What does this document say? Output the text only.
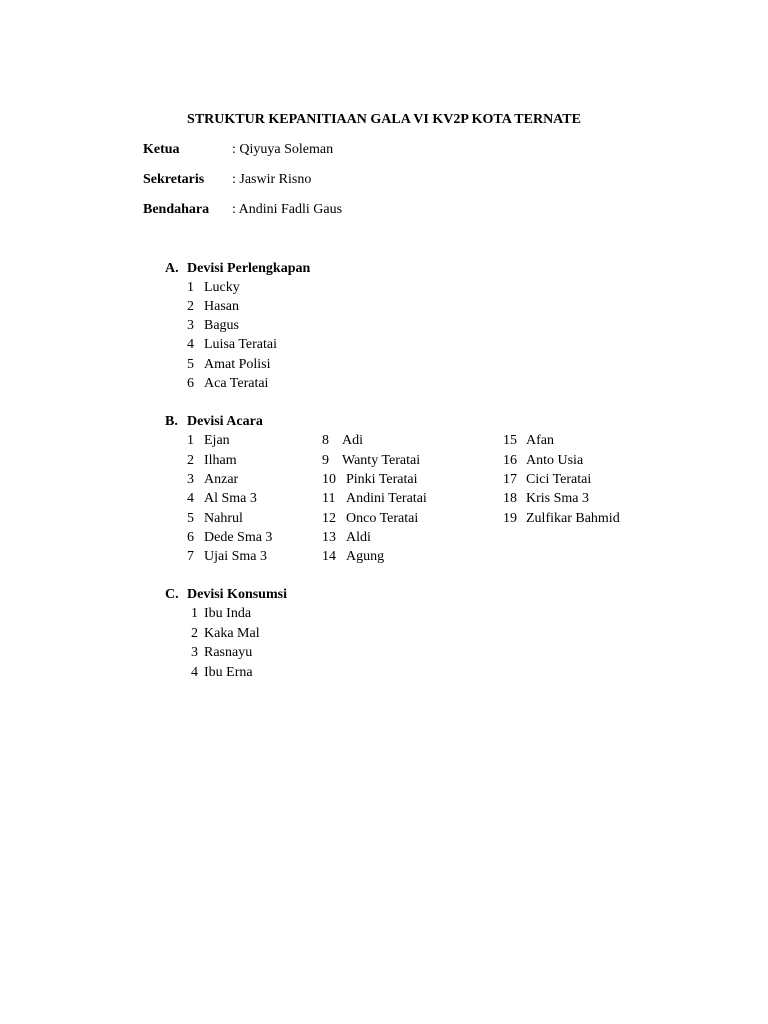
STRUKTUR KEPANITIAAN GALA VI KV2P KOTA TERNATE
Ketua	: Qiyuya Soleman
Sekretaris : Jaswir Risno
Bendahara : Andini Fadli Gaus
A. Devisi Perlengkapan
1 Lucky
2 Hasan
3 Bagus
4 Luisa Teratai
5 Amat Polisi
6 Aca Teratai
B. Devisi Acara
1 Ejan
2 Ilham
3 Anzar
4 Al Sma 3
5 Nahrul
6 Dede Sma 3
7 Ujai Sma 3
8 Adi
9 Wanty Teratai
10 Pinki Teratai
11 Andini Teratai
12 Onco Teratai
13 Aldi
14 Agung
15 Afan
16 Anto Usia
17 Cici Teratai
18 Kris Sma 3
19 Zulfikar Bahmid
C. Devisi Konsumsi
1 Ibu Inda
2 Kaka Mal
3 Rasnayu
4 Ibu Erna
